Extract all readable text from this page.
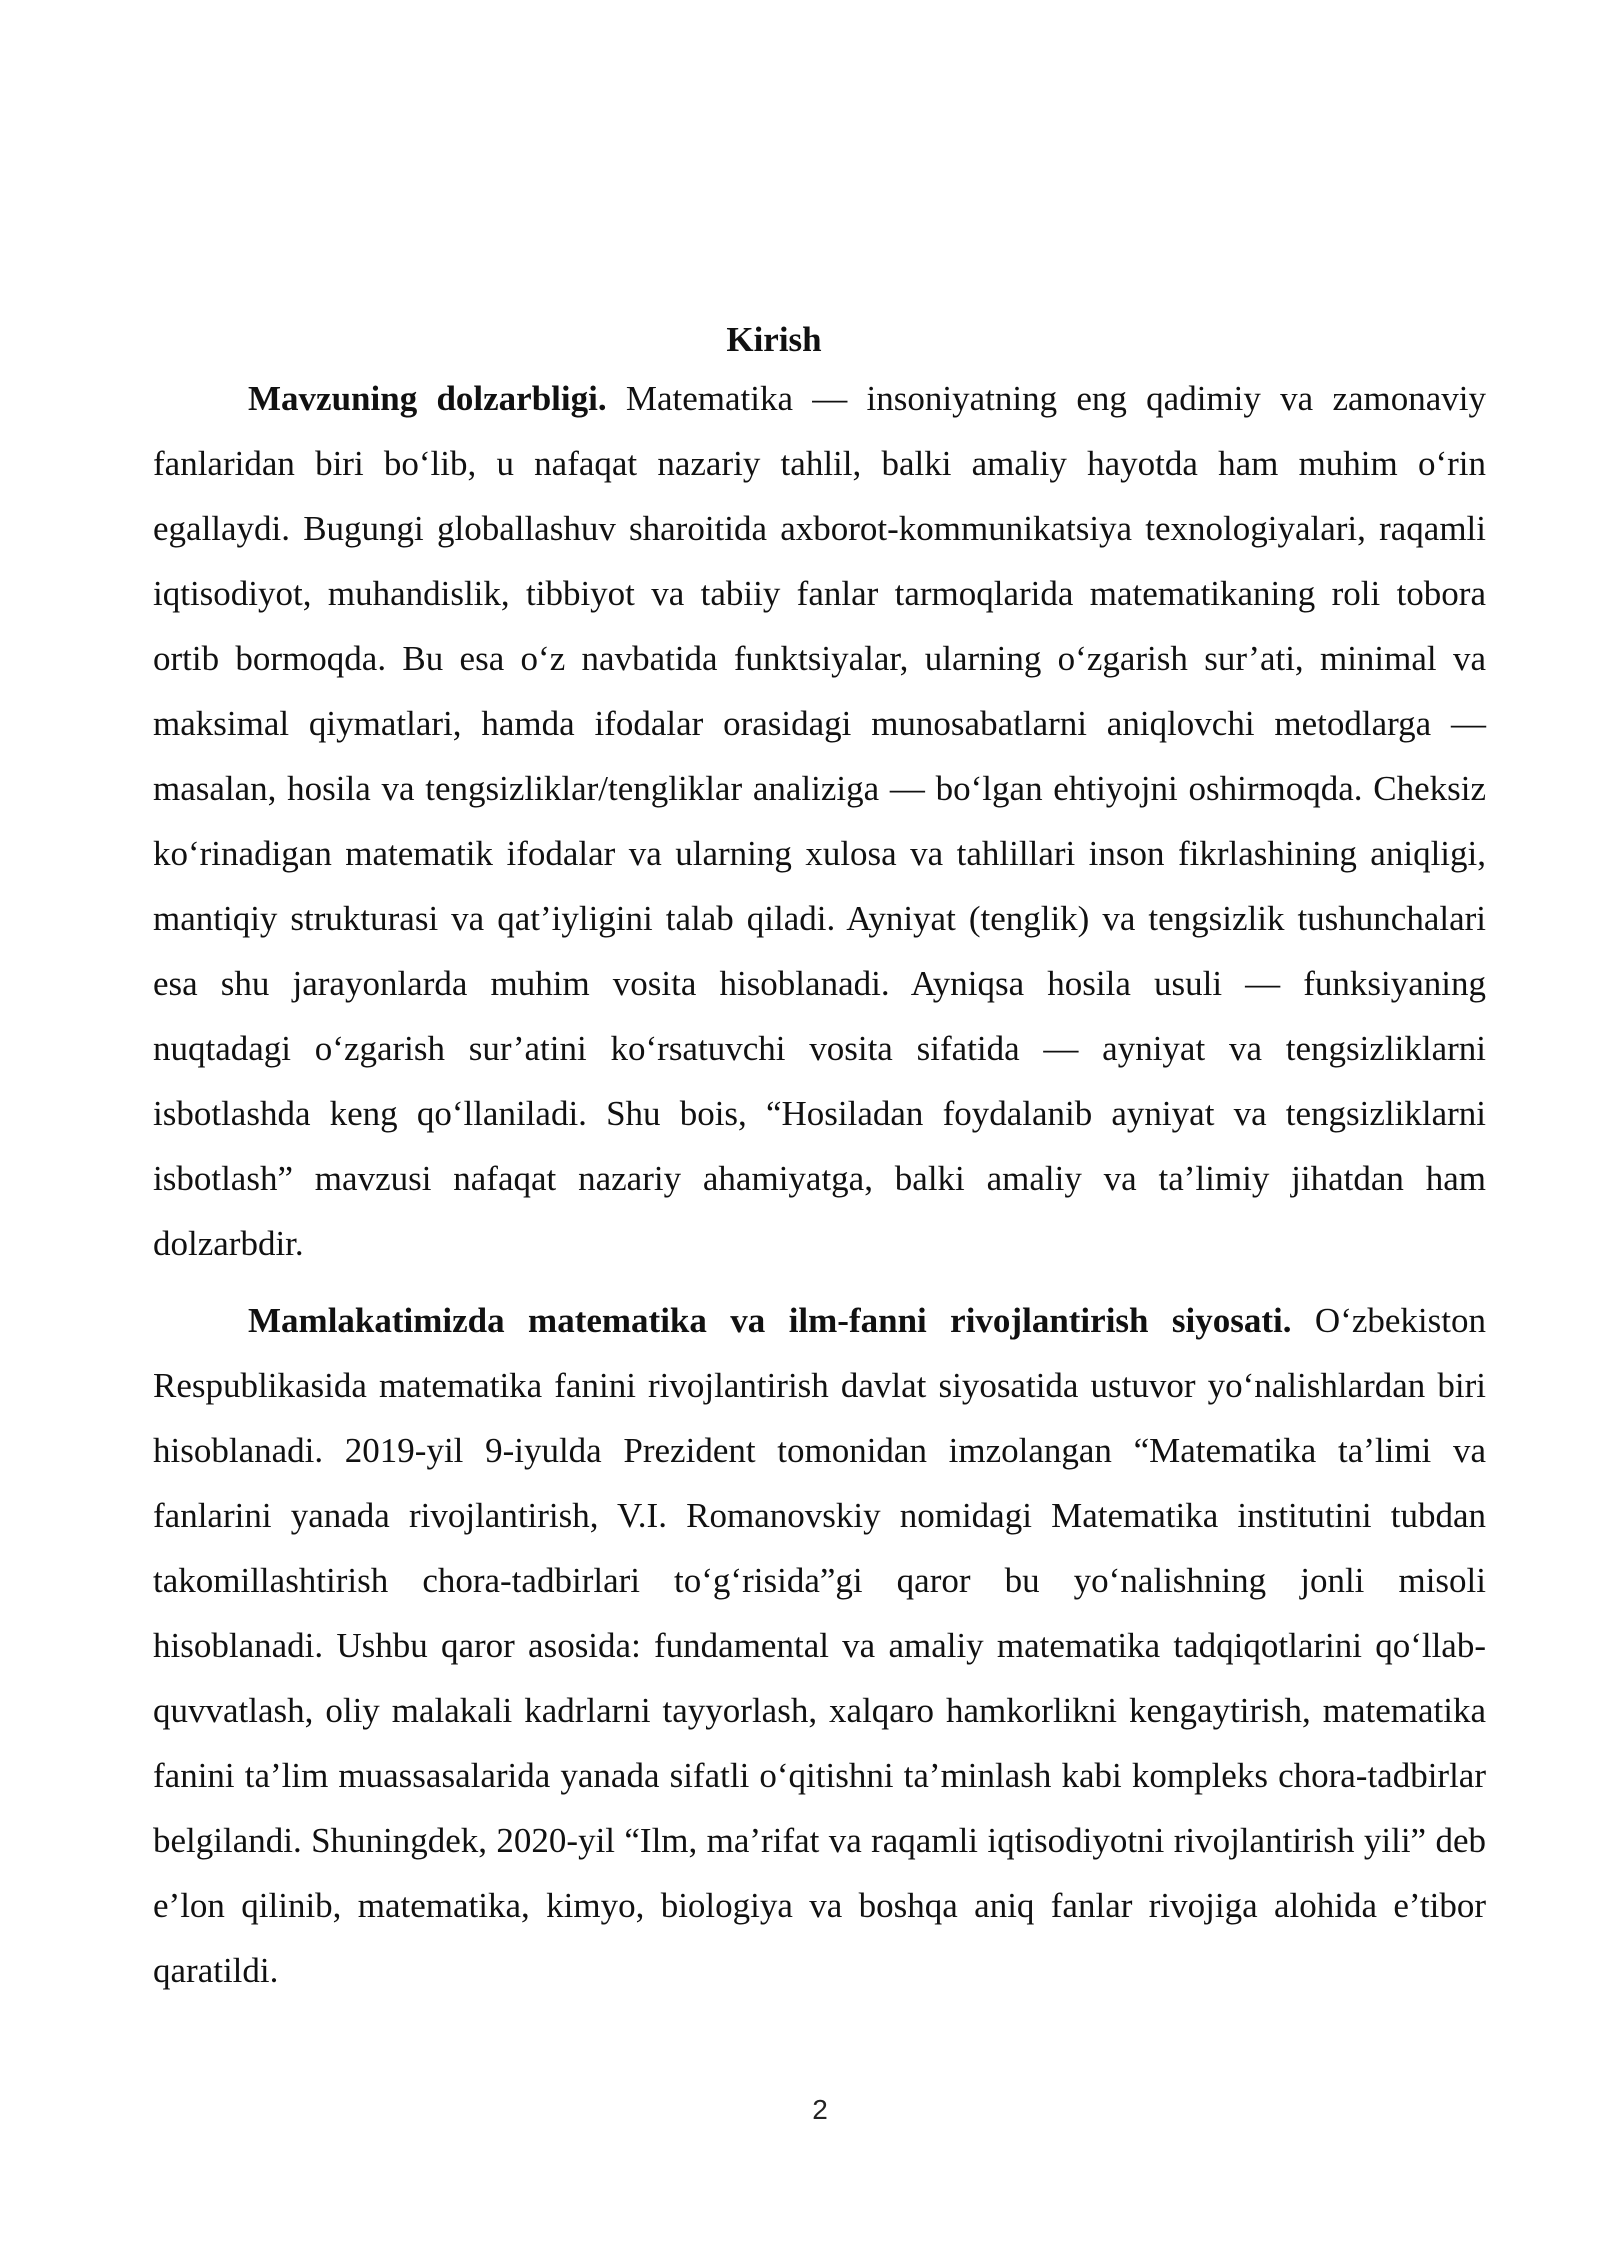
Kirish

Mavzuning dolzarbligi. Matematika — insoniyatning eng qadimiy va zamonaviy fanlaridan biri bo‘lib, u nafaqat nazariy tahlil, balki amaliy hayotda ham muhim o‘rin egallaydi. Bugungi globallashuv sharoitida axborot-kommunikatsiya texnologiyalari, raqamli iqtisodiyot, muhandislik, tibbiyot va tabiiy fanlar tarmoqlarida matematikaning roli tobora ortib bormoqda. Bu esa o‘z navbatida funktsiyalar, ularning o‘zgarish sur’ati, minimal va maksimal qiymatlari, hamda ifodalar orasidagi munosabatlarni aniqlovchi metodlarga — masalan, hosila va tengsizliklar/tengliklar analiziga — bo‘lgan ehtiyojni oshirmoqda. Cheksiz ko‘rinadigan matematik ifodalar va ularning xulosa va tahlillari inson fikrlashining aniqligi, mantiqiy strukturasi va qat’iyligini talab qiladi. Ayniyat (tenglik) va tengsizlik tushunchalari esa shu jarayonlarda muhim vosita hisoblanadi. Ayniqsa hosila usuli — funksiyaning nuqtadagi o‘zgarish sur’atini ko‘rsatuvchi vosita sifatida — ayniyat va tengsizliklarni isbotlashda keng qo‘llaniladi. Shu bois, “Hosiladan foydalanib ayniyat va tengsizliklarni isbotlash” mavzusi nafaqat nazariy ahamiyatga, balki amaliy va ta’limiy jihatdan ham dolzarbdir.

Mamlakatimizda matematika va ilm-fanni rivojlantirish siyosati. O‘zbekiston Respublikasida matematika fanini rivojlantirish davlat siyosatida ustuvor yo‘nalishlardan biri hisoblanadi. 2019-yil 9-iyulda Prezident tomonidan imzolangan “Matematika ta’limi va fanlarini yanada rivojlantirish, V.I. Romanovskiy nomidagi Matematika institutini tubdan takomillashtirish chora-tadbirlari to‘g‘risida”gi qaror bu yo‘nalishning jonli misoli hisoblanadi. Ushbu qaror asosida: fundamental va amaliy matematika tadqiqotlarini qo‘llab-quvvatlash, oliy malakali kadrlarni tayyorlash, xalqaro hamkorlikni kengaytirish, matematika fanini ta’lim muassasalarida yanada sifatli o‘qitishni ta’minlash kabi kompleks chora-tadbirlar belgilandi. Shuningdek, 2020-yil “Ilm, ma’rifat va raqamli iqtisodiyotni rivojlantirish yili” deb e’lon qilinib, matematika, kimyo, biologiya va boshqa aniq fanlar rivojiga alohida e’tibor qaratildi.

2
